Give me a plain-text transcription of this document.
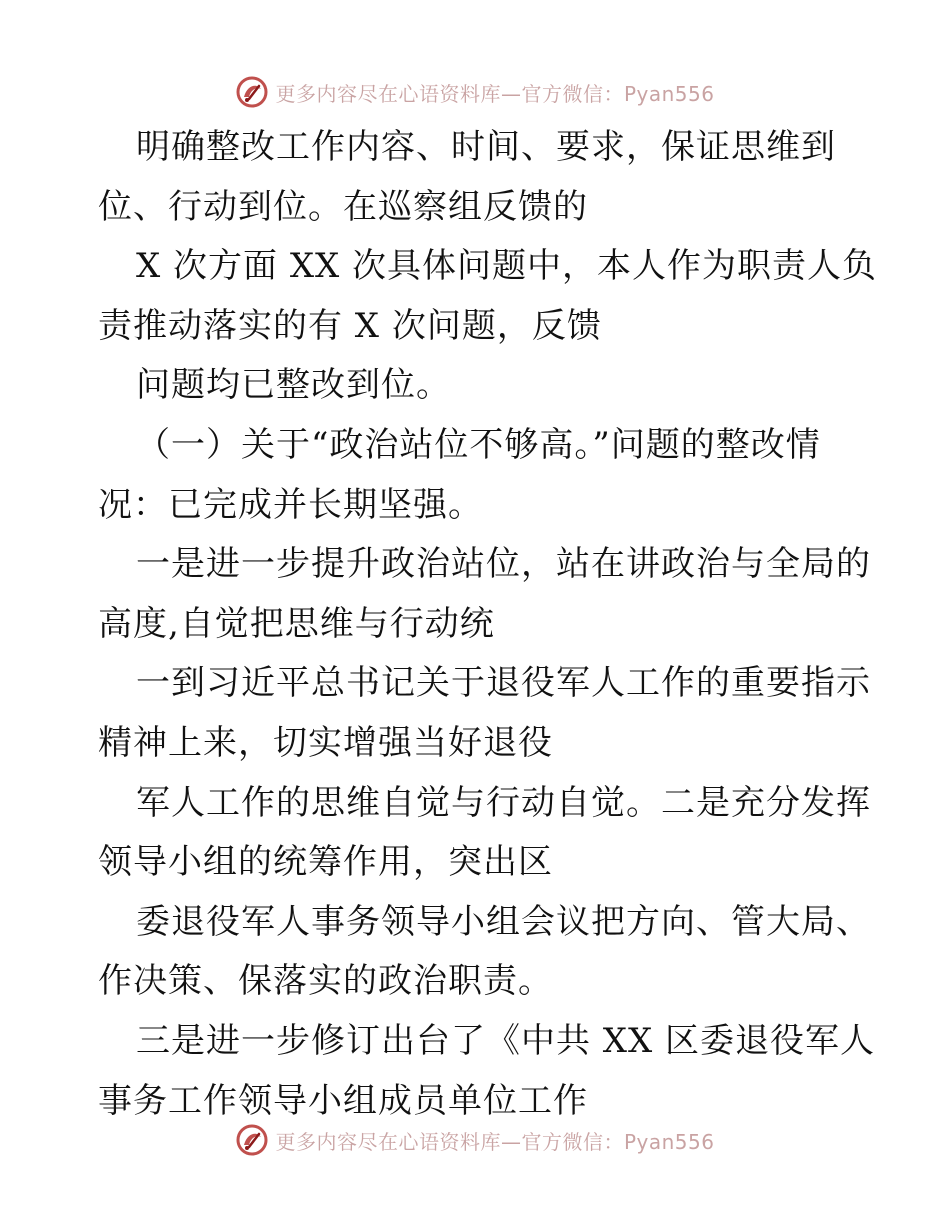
更多内容尽在心语资料库—官方微信：Pyan556
明确整改工作内容、时间、要求，保证思维到
位、行动到位。在巡察组反馈的
X 次方面 XX 次具体问题中，本人作为职责人负
责推动落实的有 X 次问题，反馈
问题均已整改到位。
（一）关于“政治站位不够高。”问题的整改情
况：已完成并长期坚强。
一是进一步提升政治站位，站在讲政治与全局的
高度,自觉把思维与行动统
一到习近平总书记关于退役军人工作的重要指示
精神上来，切实增强当好退役
军人工作的思维自觉与行动自觉。二是充分发挥
领导小组的统筹作用，突出区
委退役军人事务领导小组会议把方向、管大局、
作决策、保落实的政治职责。
三是进一步修订出台了《中共 XX 区委退役军人
事务工作领导小组成员单位工作
更多内容尽在心语资料库—官方微信：Pyan556
